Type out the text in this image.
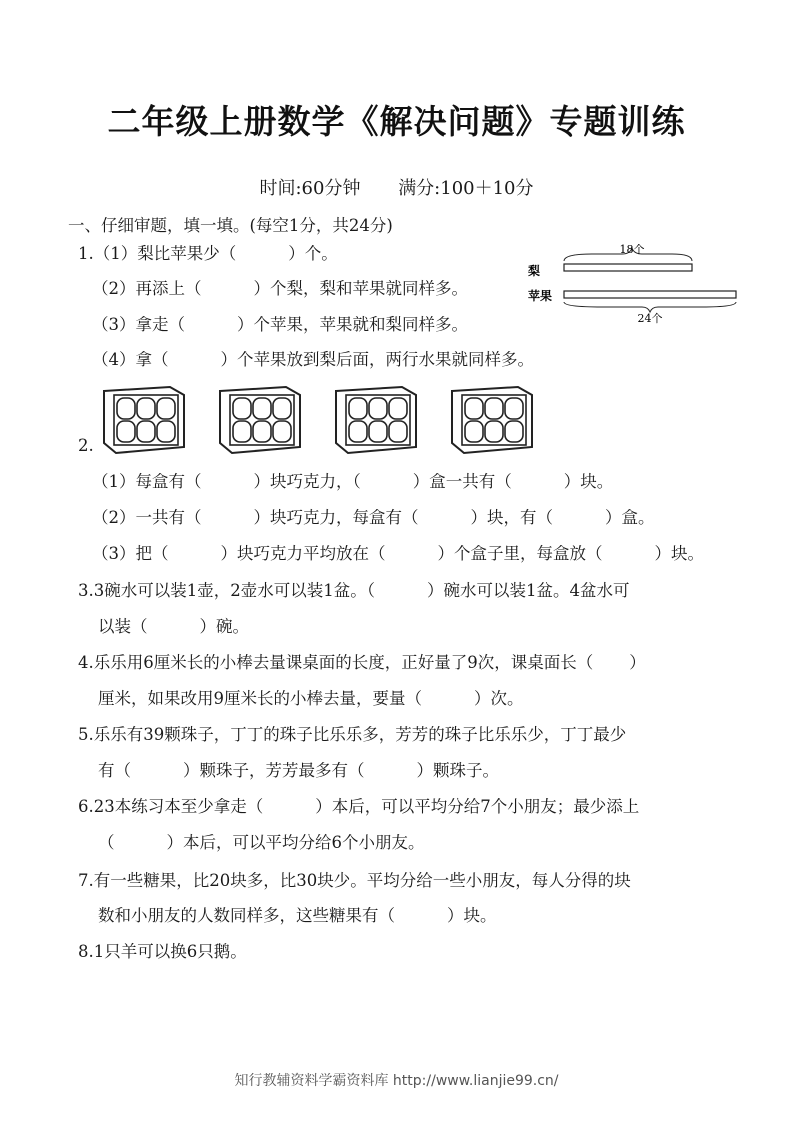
二年级上册数学《解决问题》专题训练
时间:60分钟 满分:100＋10分
一、仔细审题，填一填。(每空1分，共24分)
1.（1）梨比苹果少（	）个。
（2）再添上（	）个梨，梨和苹果就同样多。
（3）拿走（	）个苹果，苹果就和梨同样多。
（4）拿（	）个苹果放到梨后面，两行水果就同样多。
梨
18个
苹果
24个
2.
（1）每盒有（	）块巧克力，（	）盒一共有（	）块。
（2）一共有（	）块巧克力，每盒有（	）块，有（	）盒。
（3）把（	）块巧克力平均放在（	）个盒子里，每盒放（	）块。
3.3碗水可以装1壶，2壶水可以装1盆。（	）碗水可以装1盆。4盆水可
以装（	）碗。
4.乐乐用6厘米长的小棒去量课桌面的长度，正好量了9次，课桌面长（ ）
厘米，如果改用9厘米长的小棒去量，要量（	）次。
5.乐乐有39颗珠子，丁丁的珠子比乐乐多，芳芳的珠子比乐乐少，丁丁最少
有（	）颗珠子，芳芳最多有（	）颗珠子。
6.23本练习本至少拿走（	）本后，可以平均分给7个小朋友；最少添上
（	）本后，可以平均分给6个小朋友。
7.有一些糖果，比20块多，比30块少。平均分给一些小朋友，每人分得的块
数和小朋友的人数同样多，这些糖果有（	）块。
8.1只羊可以换6只鹅。
知行教辅资料学霸资料库 http://www.lianjie99.cn/
